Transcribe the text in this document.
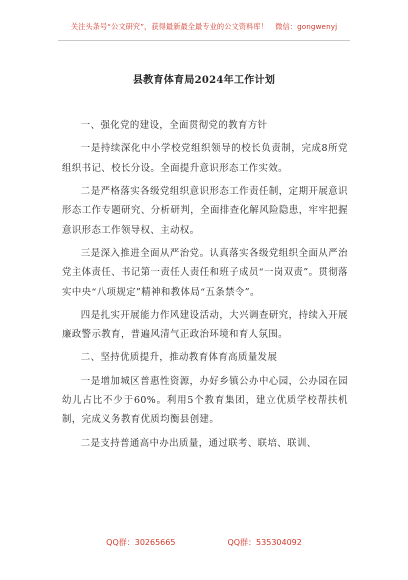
关注头条号“公文研究”，获得最新最全最专业的公文资料库！　微信：gongwenyj
县教育体育局2024年工作计划

一、强化党的建设，全面贯彻党的教育方针

一是持续深化中小学校党组织领导的校长负责制，完成8所党组织书记、校长分设。全面提升意识形态工作实效。

二是严格落实各级党组织意识形态工作责任制，定期开展意识形态工作专题研究、分析研判，全面排查化解风险隐患，牢牢把握意识形态工作领导权、主动权。

三是深入推进全面从严治党。认真落实各级党组织全面从严治党主体责任、书记第一责任人责任和班子成员“一岗双责”。贯彻落实中央“八项规定”精神和教体局“五条禁令”。

四是扎实开展能力作风建设活动，大兴调查研究，持续入开展廉政警示教育，普遍风清气正政治环境和育人氛围。

二、坚持优质提升，推动教育体育高质量发展

一是增加城区普惠性资源，办好乡镇公办中心园，公办园在园幼儿占比不少于60%。利用5个教育集团，建立优质学校帮扶机制，完成义务教育优质均衡县创建。

二是支持普通高中办出质量，通过联考、联培、联训、

QQ群：30265665	QQ群：535304092
